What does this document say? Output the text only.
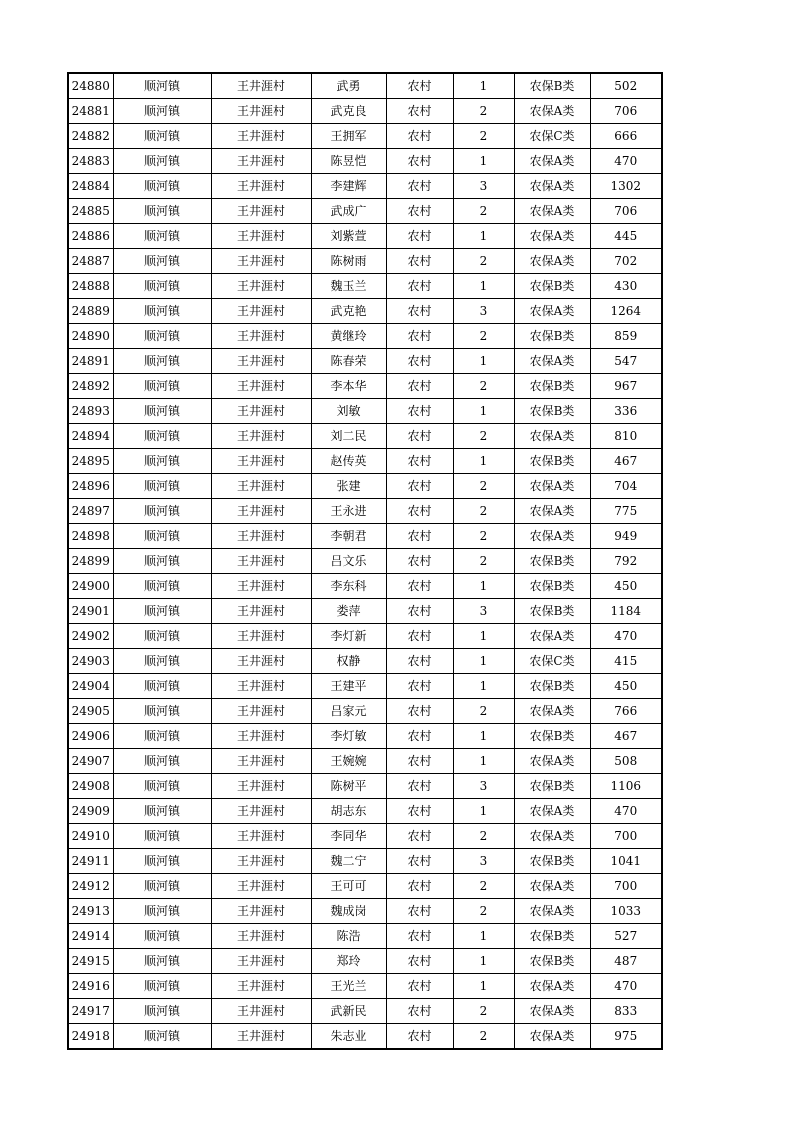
24880	顺河镇	王井涯村	武勇	农村	1	农保B类	502
24881	顺河镇	王井涯村	武克良	农村	2	农保A类	706
24882	顺河镇	王井涯村	王拥军	农村	2	农保C类	666
24883	顺河镇	王井涯村	陈昱恺	农村	1	农保A类	470
24884	顺河镇	王井涯村	李建辉	农村	3	农保A类	1302
24885	顺河镇	王井涯村	武成广	农村	2	农保A类	706
24886	顺河镇	王井涯村	刘紫萱	农村	1	农保A类	445
24887	顺河镇	王井涯村	陈树雨	农村	2	农保A类	702
24888	顺河镇	王井涯村	魏玉兰	农村	1	农保B类	430
24889	顺河镇	王井涯村	武克艳	农村	3	农保A类	1264
24890	顺河镇	王井涯村	黄继玲	农村	2	农保B类	859
24891	顺河镇	王井涯村	陈春荣	农村	1	农保A类	547
24892	顺河镇	王井涯村	李本华	农村	2	农保B类	967
24893	顺河镇	王井涯村	刘敏	农村	1	农保B类	336
24894	顺河镇	王井涯村	刘二民	农村	2	农保A类	810
24895	顺河镇	王井涯村	赵传英	农村	1	农保B类	467
24896	顺河镇	王井涯村	张建	农村	2	农保A类	704
24897	顺河镇	王井涯村	王永进	农村	2	农保A类	775
24898	顺河镇	王井涯村	李朝君	农村	2	农保A类	949
24899	顺河镇	王井涯村	吕文乐	农村	2	农保B类	792
24900	顺河镇	王井涯村	李东科	农村	1	农保B类	450
24901	顺河镇	王井涯村	娄萍	农村	3	农保B类	1184
24902	顺河镇	王井涯村	李灯新	农村	1	农保A类	470
24903	顺河镇	王井涯村	权静	农村	1	农保C类	415
24904	顺河镇	王井涯村	王建平	农村	1	农保B类	450
24905	顺河镇	王井涯村	吕家元	农村	2	农保A类	766
24906	顺河镇	王井涯村	李灯敏	农村	1	农保B类	467
24907	顺河镇	王井涯村	王婉婉	农村	1	农保A类	508
24908	顺河镇	王井涯村	陈树平	农村	3	农保B类	1106
24909	顺河镇	王井涯村	胡志东	农村	1	农保A类	470
24910	顺河镇	王井涯村	李同华	农村	2	农保A类	700
24911	顺河镇	王井涯村	魏二宁	农村	3	农保B类	1041
24912	顺河镇	王井涯村	王可可	农村	2	农保A类	700
24913	顺河镇	王井涯村	魏成岗	农村	2	农保A类	1033
24914	顺河镇	王井涯村	陈浩	农村	1	农保B类	527
24915	顺河镇	王井涯村	郑玲	农村	1	农保B类	487
24916	顺河镇	王井涯村	王光兰	农村	1	农保A类	470
24917	顺河镇	王井涯村	武新民	农村	2	农保A类	833
24918	顺河镇	王井涯村	朱志业	农村	2	农保A类	975
